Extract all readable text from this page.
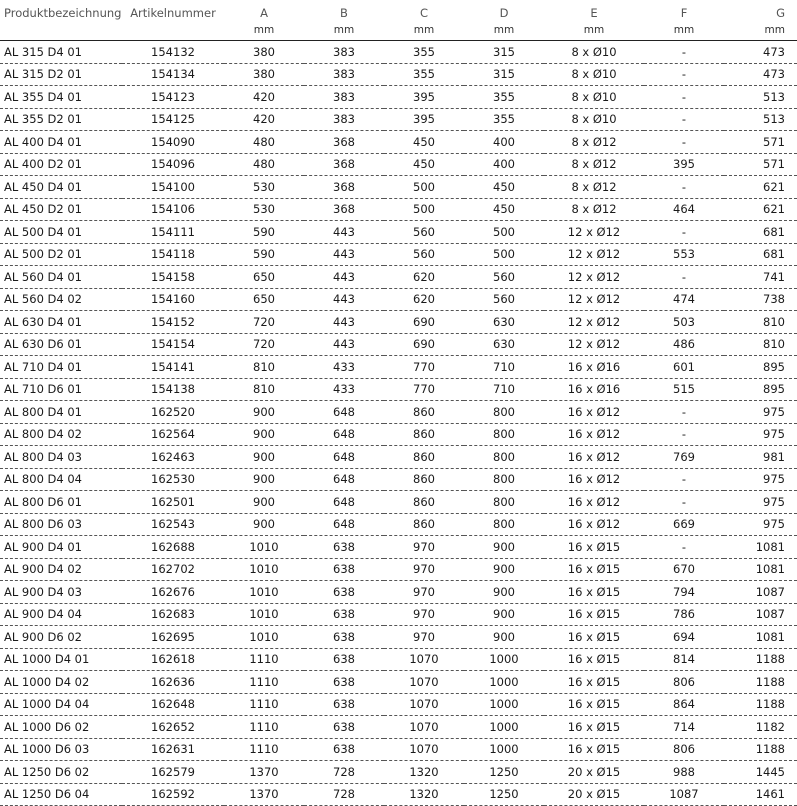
Produktbezeichnung	Artikelnummer	A	B	C	D	E	F	G
		mm	mm	mm	mm	mm	mm	mm
AL 315 D4 01	154132	380	383	355	315	8 x Ø10	-	473
AL 315 D2 01	154134	380	383	355	315	8 x Ø10	-	473
AL 355 D4 01	154123	420	383	395	355	8 x Ø10	-	513
AL 355 D2 01	154125	420	383	395	355	8 x Ø10	-	513
AL 400 D4 01	154090	480	368	450	400	8 x Ø12	-	571
AL 400 D2 01	154096	480	368	450	400	8 x Ø12	395	571
AL 450 D4 01	154100	530	368	500	450	8 x Ø12	-	621
AL 450 D2 01	154106	530	368	500	450	8 x Ø12	464	621
AL 500 D4 01	154111	590	443	560	500	12 x Ø12	-	681
AL 500 D2 01	154118	590	443	560	500	12 x Ø12	553	681
AL 560 D4 01	154158	650	443	620	560	12 x Ø12	-	741
AL 560 D4 02	154160	650	443	620	560	12 x Ø12	474	738
AL 630 D4 01	154152	720	443	690	630	12 x Ø12	503	810
AL 630 D6 01	154154	720	443	690	630	12 x Ø12	486	810
AL 710 D4 01	154141	810	433	770	710	16 x Ø16	601	895
AL 710 D6 01	154138	810	433	770	710	16 x Ø16	515	895
AL 800 D4 01	162520	900	648	860	800	16 x Ø12	-	975
AL 800 D4 02	162564	900	648	860	800	16 x Ø12	-	975
AL 800 D4 03	162463	900	648	860	800	16 x Ø12	769	981
AL 800 D4 04	162530	900	648	860	800	16 x Ø12	-	975
AL 800 D6 01	162501	900	648	860	800	16 x Ø12	-	975
AL 800 D6 03	162543	900	648	860	800	16 x Ø12	669	975
AL 900 D4 01	162688	1010	638	970	900	16 x Ø15	-	1081
AL 900 D4 02	162702	1010	638	970	900	16 x Ø15	670	1081
AL 900 D4 03	162676	1010	638	970	900	16 x Ø15	794	1087
AL 900 D4 04	162683	1010	638	970	900	16 x Ø15	786	1087
AL 900 D6 02	162695	1010	638	970	900	16 x Ø15	694	1081
AL 1000 D4 01	162618	1110	638	1070	1000	16 x Ø15	814	1188
AL 1000 D4 02	162636	1110	638	1070	1000	16 x Ø15	806	1188
AL 1000 D4 04	162648	1110	638	1070	1000	16 x Ø15	864	1188
AL 1000 D6 02	162652	1110	638	1070	1000	16 x Ø15	714	1182
AL 1000 D6 03	162631	1110	638	1070	1000	16 x Ø15	806	1188
AL 1250 D6 02	162579	1370	728	1320	1250	20 x Ø15	988	1445
AL 1250 D6 04	162592	1370	728	1320	1250	20 x Ø15	1087	1461
